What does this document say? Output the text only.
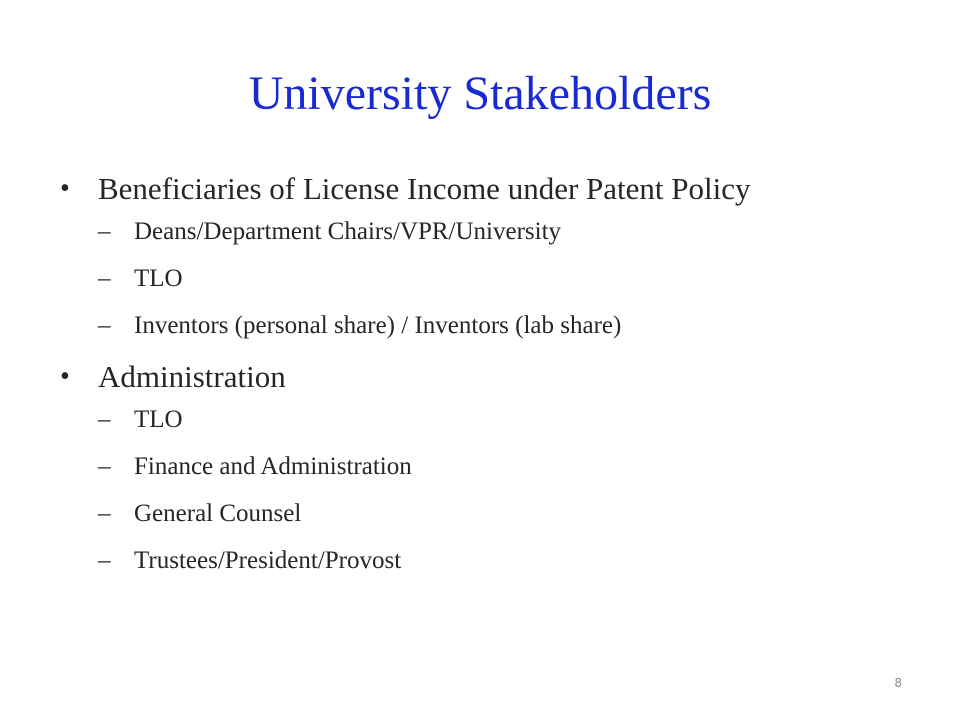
University Stakeholders
• Beneficiaries of License Income under Patent Policy
– Deans/Department Chairs/VPR/University
– TLO
– Inventors (personal share) / Inventors (lab share)
• Administration
– TLO
– Finance and Administration
– General Counsel
– Trustees/President/Provost
8
